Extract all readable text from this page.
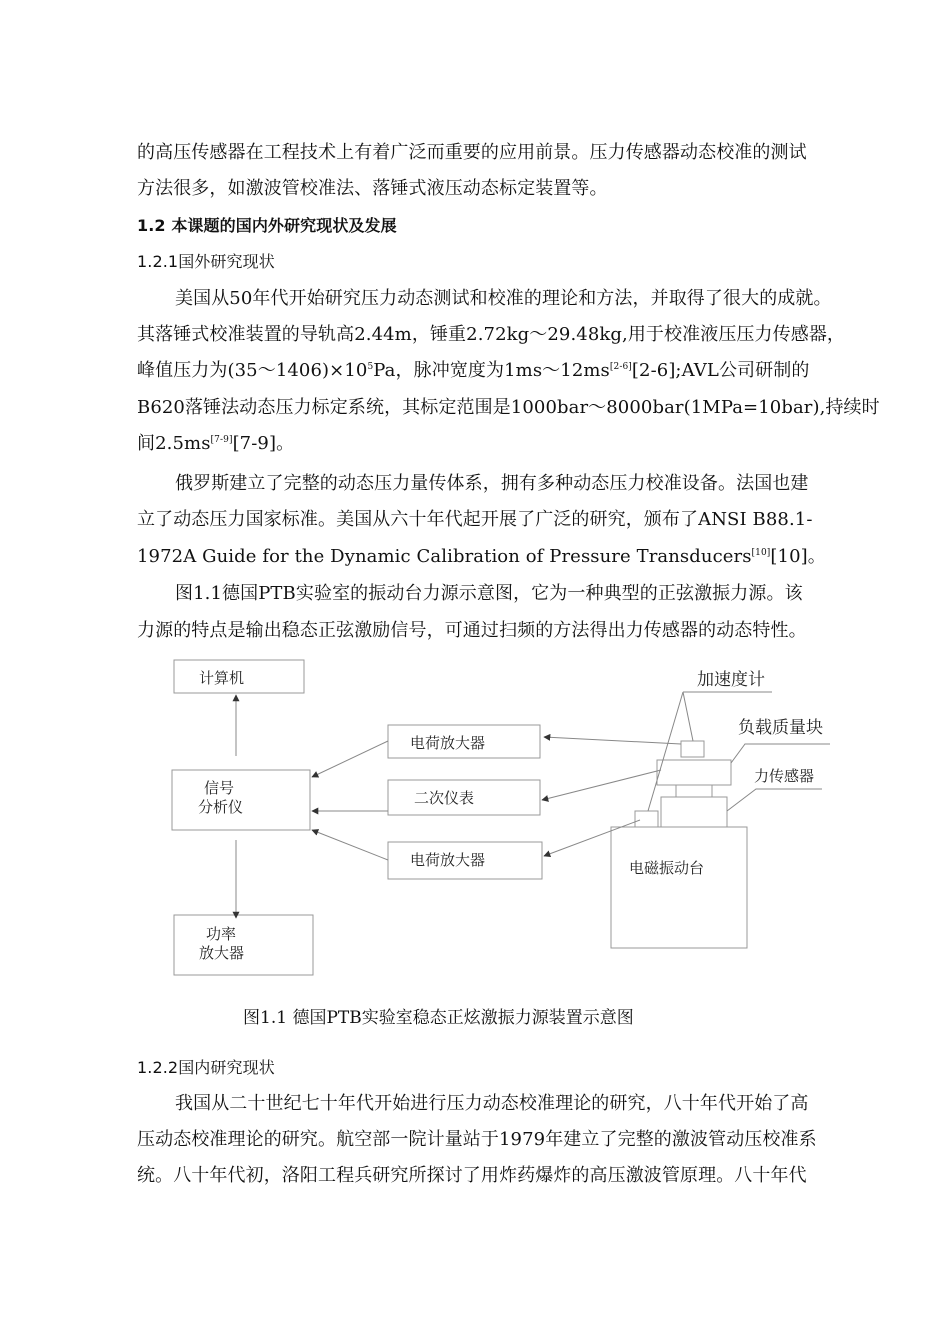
的高压传感器在工程技术上有着广泛而重要的应用前景。压力传感器动态校准的测试
方法很多，如激波管校准法、落锤式液压动态标定装置等。
1.2 本课题的国内外研究现状及发展
1.2.1国外研究现状
美国从50年代开始研究压力动态测试和校准的理论和方法，并取得了很大的成就。
其落锤式校准装置的导轨高2.44m，锤重2.72kg～29.48kg,用于校准液压压力传感器，
峰值压力为$(35\sim 1406)\times 10^5Pa$，脉冲宽度为1ms～12ms[2-6][2-6];AVL公司研制的
B620落锤法动态压力标定系统，其标定范围是1000bar～8000bar(1MPa=10bar),持续时
间2.5ms[7-9][7-9]。
俄罗斯建立了完整的动态压力量传体系，拥有多种动态压力校准设备。法国也建
立了动态压力国家标准。美国从六十年代起开展了广泛的研究，颁布了ANSI B88.1-
1972A Guide for the Dynamic Calibration of Pressure Transducers[10][10]。
图1.1德国PTB实验室的振动台力源示意图，它为一种典型的正弦激振力源。该
力源的特点是输出稳态正弦激励信号，可通过扫频的方法得出力传感器的动态特性。
计算机
信号
分析仪
功率
放大器
电荷放大器
二次仪表
电荷放大器	电磁振动台
加速度计
负载质量块
力传感器
图1.1 德国PTB实验室稳态正炫激振力源装置示意图
1.2.2国内研究现状
我国从二十世纪七十年代开始进行压力动态校准理论的研究，八十年代开始了高
压动态校准理论的研究。航空部一院计量站于1979年建立了完整的激波管动压校准系
统。八十年代初，洛阳工程兵研究所探讨了用炸药爆炸的高压激波管原理。八十年代
